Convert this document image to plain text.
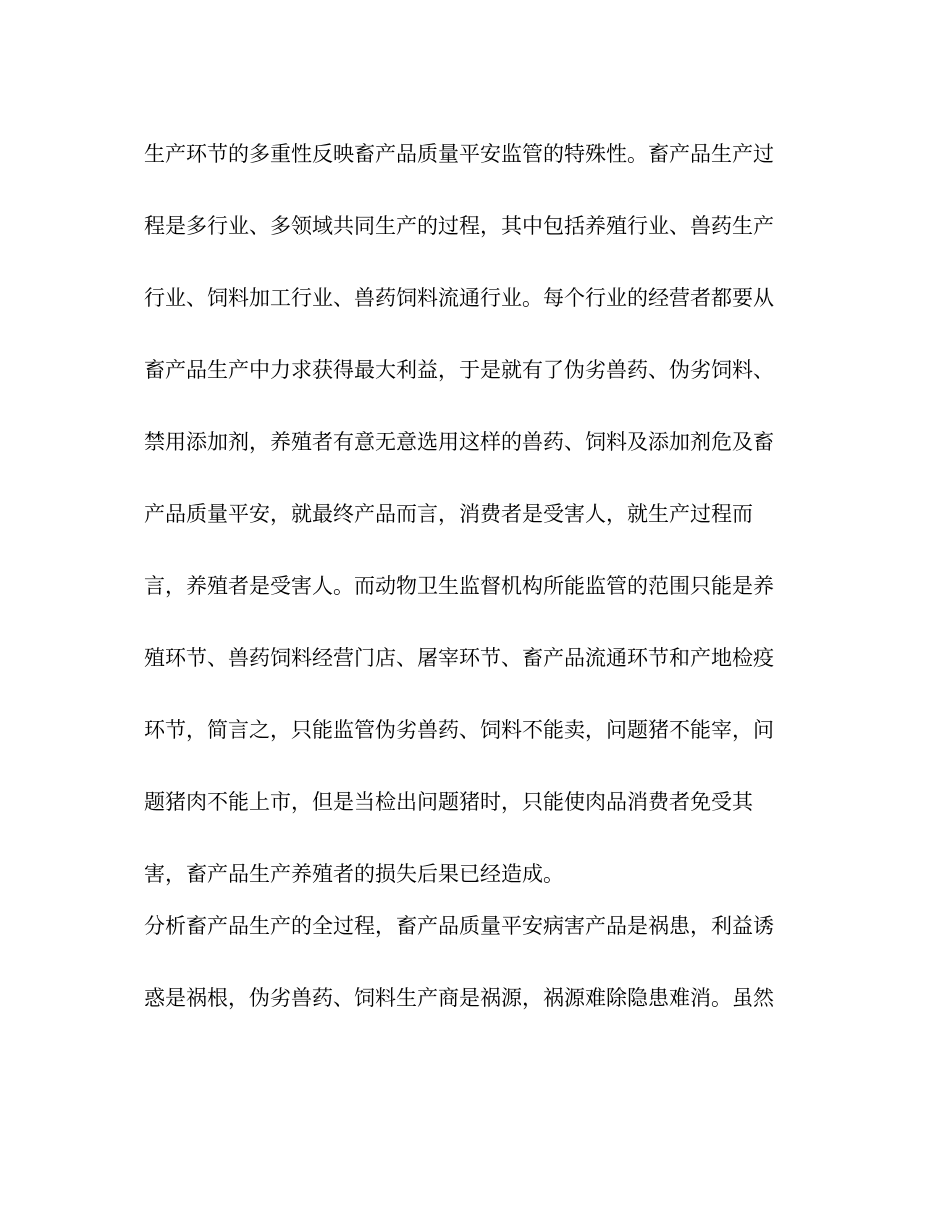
生产环节的多重性反映畜产品质量平安监管的特殊性。畜产品生产过
程是多行业、多领域共同生产的过程，其中包括养殖行业、兽药生产
行业、饲料加工行业、兽药饲料流通行业。每个行业的经营者都要从
畜产品生产中力求获得最大利益，于是就有了伪劣兽药、伪劣饲料、
禁用添加剂，养殖者有意无意选用这样的兽药、饲料及添加剂危及畜
产品质量平安，就最终产品而言，消费者是受害人，就生产过程而
言，养殖者是受害人。而动物卫生监督机构所能监管的范围只能是养
殖环节、兽药饲料经营门店、屠宰环节、畜产品流通环节和产地检疫
环节，简言之，只能监管伪劣兽药、饲料不能卖，问题猪不能宰，问
题猪肉不能上市，但是当检出问题猪时，只能使肉品消费者免受其
害，畜产品生产养殖者的损失后果已经造成。
分析畜产品生产的全过程，畜产品质量平安病害产品是祸患，利益诱
惑是祸根，伪劣兽药、饲料生产商是祸源，祸源难除隐患难消。虽然
